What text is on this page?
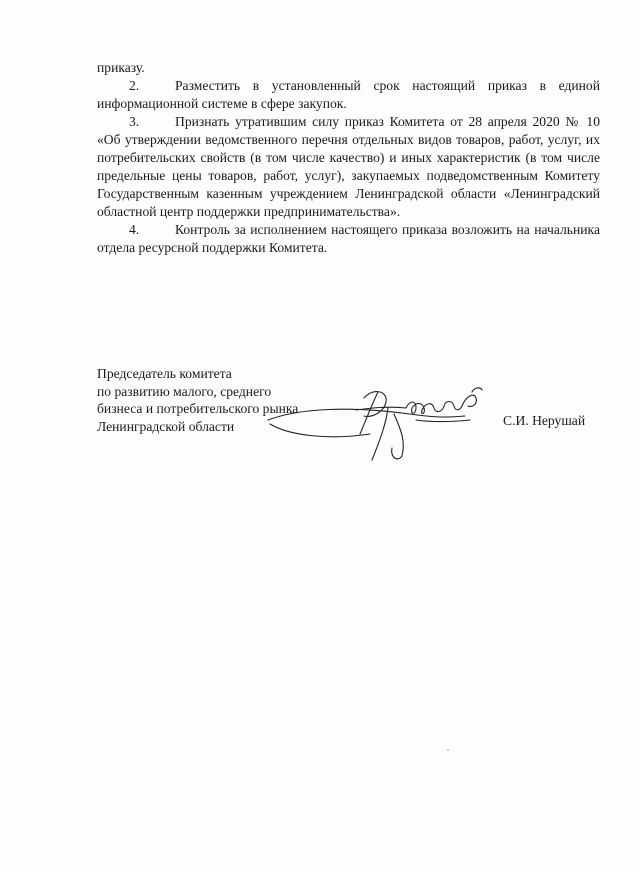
приказу.

2.	Разместить в установленный срок настоящий приказ в единой информационной системе в сфере закупок.

3.	Признать утратившим силу приказ Комитета от 28 апреля 2020 № 10 «Об утверждении ведомственного перечня отдельных видов товаров, работ, услуг, их потребительских свойств (в том числе качество) и иных характеристик (в том числе предельные цены товаров, работ, услуг), закупаемых подведомственным Комитету Государственным казенным учреждением Ленинградской области «Ленинградский областной центр поддержки предпринимательства».

4.	Контроль за исполнением настоящего приказа возложить на начальника отдела ресурсной поддержки Комитета.

Председатель комитета
по развитию малого, среднего
бизнеса и потребительского рынка
Ленинградской области	С.И. Нерушай
